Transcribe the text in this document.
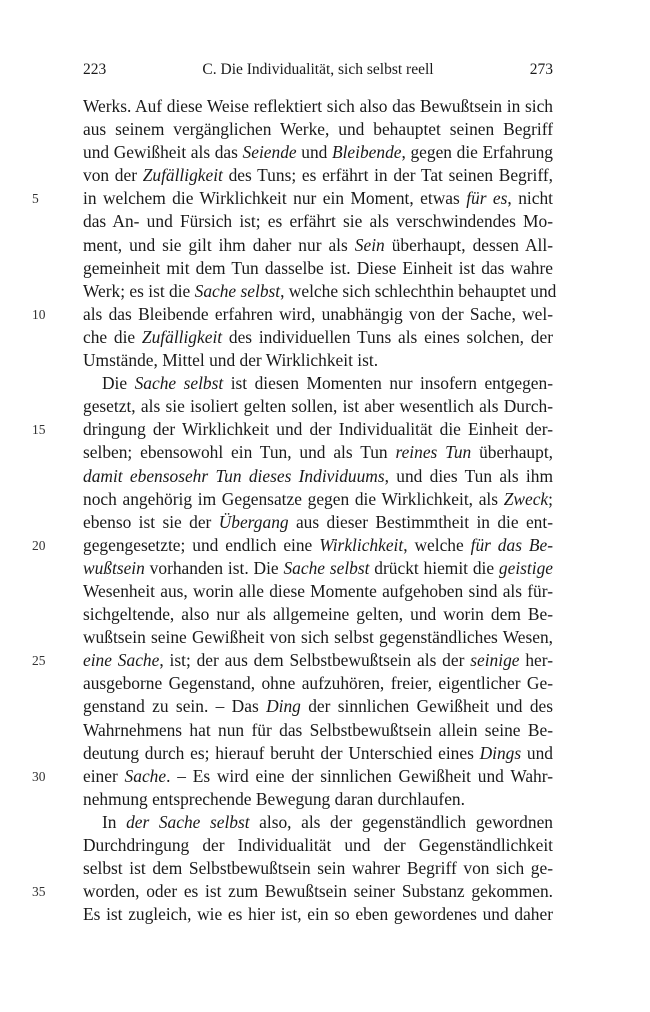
223	C. Die Individualität, sich selbst reell	273
Werks. Auf diese Weise reflektiert sich also das Bewußtsein in sich
aus seinem vergänglichen Werke, und behauptet seinen Begriff
und Gewißheit als das Seiende und Bleibende, gegen die Erfahrung
von der Zufälligkeit des Tuns; es erfährt in der Tat seinen Begriff,
5	in welchem die Wirklichkeit nur ein Moment, etwas für es, nicht
das An- und Fürsich ist; es erfährt sie als verschwindendes Mo-
ment, und sie gilt ihm daher nur als Sein überhaupt, dessen All-
gemeinheit mit dem Tun dasselbe ist. Diese Einheit ist das wahre
Werk; es ist die Sache selbst, welche sich schlechthin behauptet und
10	als das Bleibende erfahren wird, unabhängig von der Sache, wel-
che die Zufälligkeit des individuellen Tuns als eines solchen, der
Umstände, Mittel und der Wirklichkeit ist.
Die Sache selbst ist diesen Momenten nur insofern entgegen-
gesetzt, als sie isoliert gelten sollen, ist aber wesentlich als Durch-
15	dringung der Wirklichkeit und der Individualität die Einheit der-
selben; ebensowohl ein Tun, und als Tun reines Tun überhaupt,
damit ebensosehr Tun dieses Individuums, und dies Tun als ihm
noch angehörig im Gegensatze gegen die Wirklichkeit, als Zweck;
ebenso ist sie der Übergang aus dieser Bestimmtheit in die ent-
20	gegengesetzte; und endlich eine Wirklichkeit, welche für das Be-
wußtsein vorhanden ist. Die Sache selbst drückt hiemit die geistige
Wesenheit aus, worin alle diese Momente aufgehoben sind als für-
sichgeltende, also nur als allgemeine gelten, und worin dem Be-
wußtsein seine Gewißheit von sich selbst gegenständliches Wesen,
25	eine Sache, ist; der aus dem Selbstbewußtsein als der seinige her-
ausgeborne Gegenstand, ohne aufzuhören, freier, eigentlicher Ge-
genstand zu sein. – Das Ding der sinnlichen Gewißheit und des
Wahrnehmens hat nun für das Selbstbewußtsein allein seine Be-
deutung durch es; hierauf beruht der Unterschied eines Dings und
30	einer Sache. – Es wird eine der sinnlichen Gewißheit und Wahr-
nehmung entsprechende Bewegung daran durchlaufen.
In der Sache selbst also, als der gegenständlich gewordnen
Durchdringung der Individualität und der Gegenständlichkeit
selbst ist dem Selbstbewußtsein sein wahrer Begriff von sich ge-
35	worden, oder es ist zum Bewußtsein seiner Substanz gekommen.
Es ist zugleich, wie es hier ist, ein so eben gewordenes und daher
